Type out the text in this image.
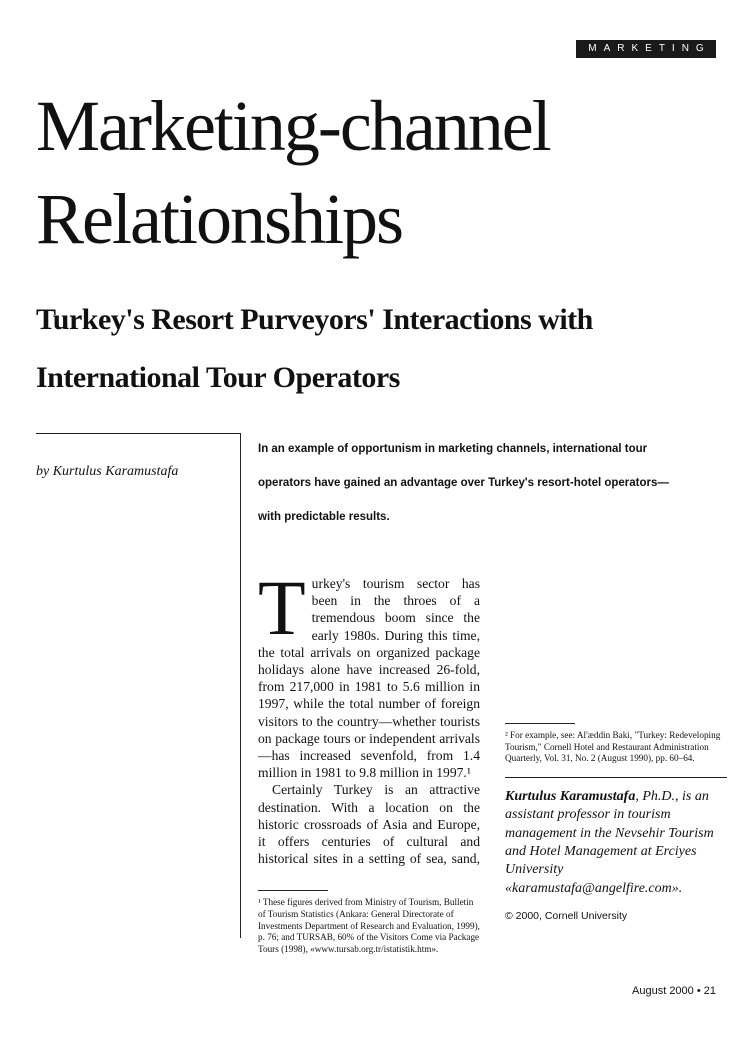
MARKETING
Marketing-channel
Relationships
Turkey's Resort Purveyors' Interactions with
International Tour Operators
by Kurtulus Karamustafa
In an example of opportunism in marketing channels, international tour operators have gained an advantage over Turkey's resort-hotel operators—with predictable results.

Turkey's tourism sector has been in the throes of a tremendous boom since the early 1980s. During this time, the total arrivals on organized package holidays alone have increased 26-fold, from 217,000 in 1981 to 5.6 million in 1997, while the total number of foreign visitors to the country—whether tourists on package tours or independent arrivals—has increased sevenfold, from 1.4 million in 1981 to 9.8 million in 1997.¹

Certainly Turkey is an attractive destination. With a location on the historic crossroads of Asia and Europe, it offers centuries of cultural and historical sites in a setting of sea, sand,

¹ These figures derived from Ministry of Tourism, Bulletin of Tourism Statistics (Ankara: General Directorate of Investments Department of Research and Evaluation, 1999), p. 76; and TURSAB, 60% of the Visitors Come via Package Tours (1998), «www.tursab.org.tr/istatistik.htm».
² For example, see: Al'æddin Baki, "Turkey: Redeveloping Tourism," Cornell Hotel and Restaurant Administration Quarterly, Vol. 31, No. 2 (August 1990), pp. 60–64.
Kurtulus Karamustafa, Ph.D., is an assistant professor in tourism management in the Nevsehir Tourism and Hotel Management at Erciyes University «karamustafa@angelfire.com».
© 2000, Cornell University
August 2000 • 21
